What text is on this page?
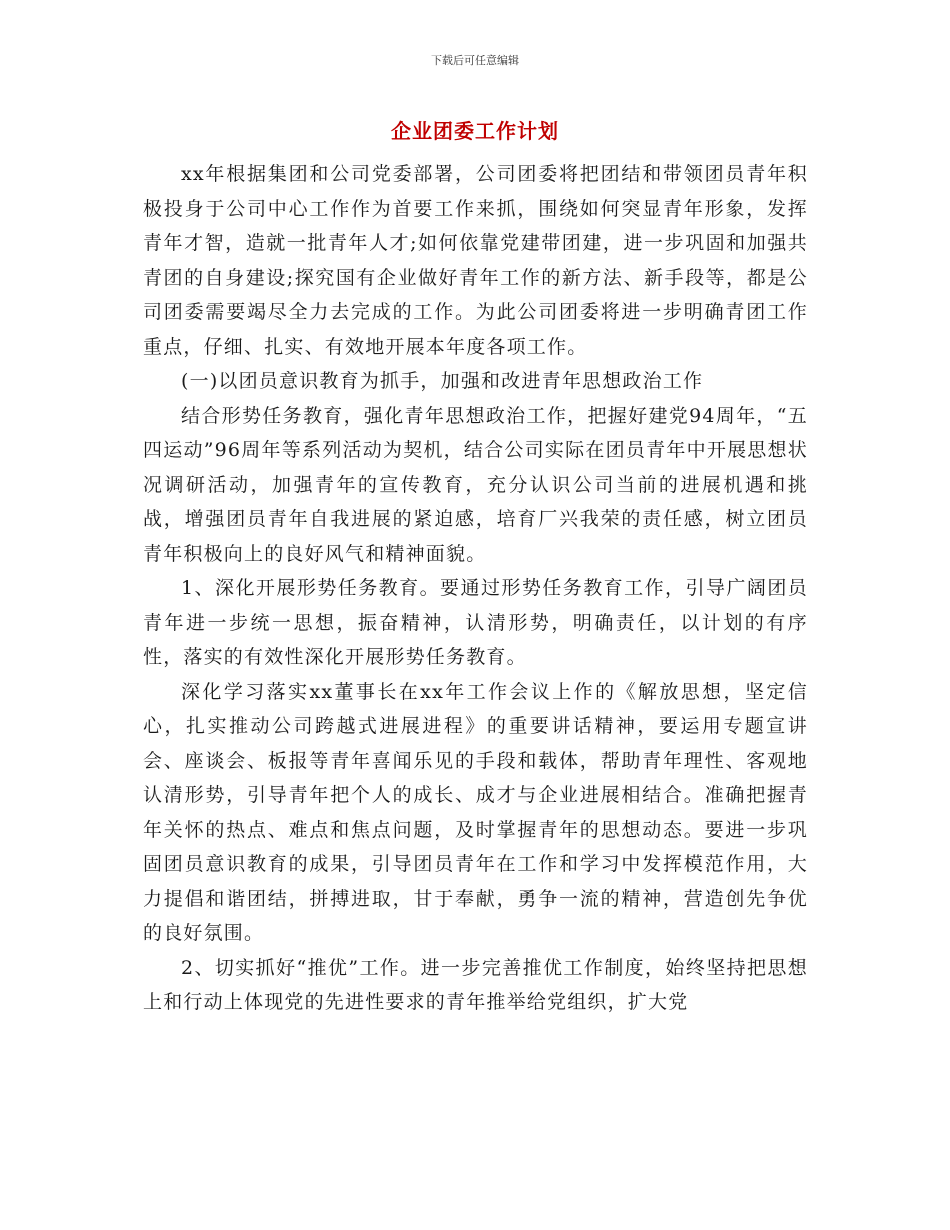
下载后可任意编辑
企业团委工作计划

xx年根据集团和公司党委部署，公司团委将把团结和带领团员青年积极投身于公司中心工作作为首要工作来抓，围绕如何突显青年形象，发挥青年才智，造就一批青年人才;如何依靠党建带团建，进一步巩固和加强共青团的自身建设;探究国有企业做好青年工作的新方法、新手段等，都是公司团委需要竭尽全力去完成的工作。为此公司团委将进一步明确青团工作重点，仔细、扎实、有效地开展本年度各项工作。

(一)以团员意识教育为抓手，加强和改进青年思想政治工作

结合形势任务教育，强化青年思想政治工作，把握好建党94周年，“五四运动”96周年等系列活动为契机，结合公司实际在团员青年中开展思想状况调研活动，加强青年的宣传教育，充分认识公司当前的进展机遇和挑战，增强团员青年自我进展的紧迫感，培育厂兴我荣的责任感，树立团员青年积极向上的良好风气和精神面貌。

1、深化开展形势任务教育。要通过形势任务教育工作，引导广阔团员青年进一步统一思想，振奋精神，认清形势，明确责任，以计划的有序性，落实的有效性深化开展形势任务教育。

深化学习落实xx董事长在xx年工作会议上作的《解放思想，坚定信心，扎实推动公司跨越式进展进程》的重要讲话精神，要运用专题宣讲会、座谈会、板报等青年喜闻乐见的手段和载体，帮助青年理性、客观地认清形势，引导青年把个人的成长、成才与企业进展相结合。准确把握青年关怀的热点、难点和焦点问题，及时掌握青年的思想动态。要进一步巩固团员意识教育的成果，引导团员青年在工作和学习中发挥模范作用，大力提倡和谐团结，拼搏进取，甘于奉献，勇争一流的精神，营造创先争优的良好氛围。

2、切实抓好“推优”工作。进一步完善推优工作制度，始终坚持把思想上和行动上体现党的先进性要求的青年推举给党组织，扩大党
